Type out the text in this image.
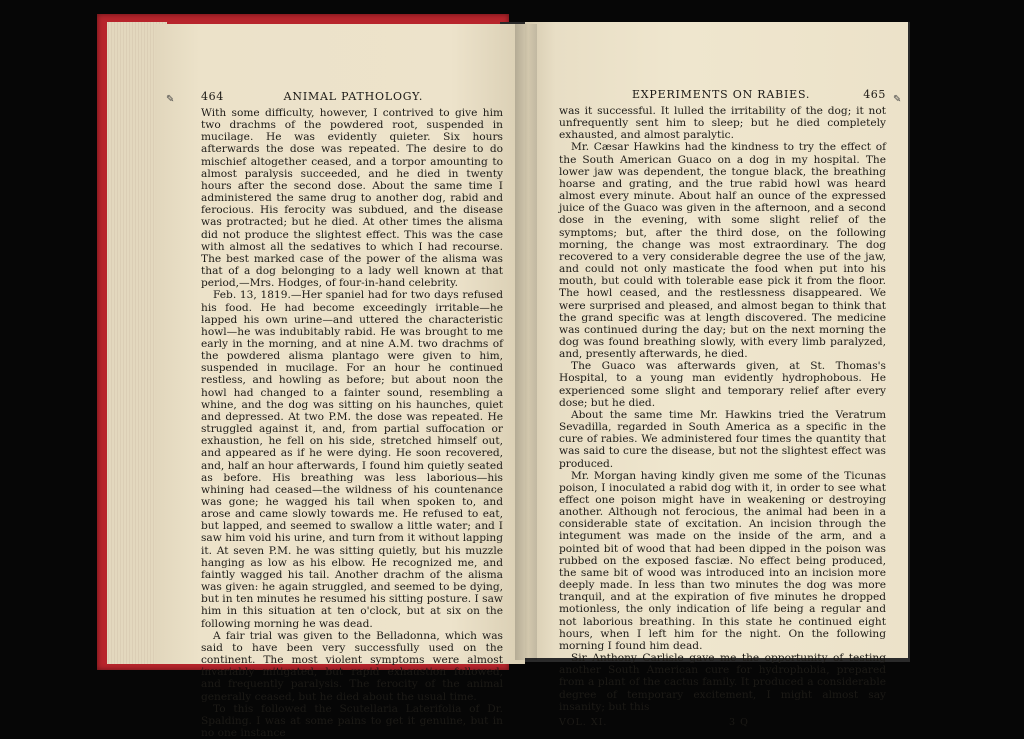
464	ANIMAL PATHOLOGY.

With some difficulty, however, I contrived to give him two drachms of the powdered root, suspended in mucilage. He was evidently quieter. Six hours afterwards the dose was repeated. The desire to do mischief altogether ceased, and a torpor amounting to almost paralysis succeeded, and he died in twenty hours after the second dose. About the same time I administered the same drug to another dog, rabid and ferocious. His ferocity was subdued, and the disease was protracted; but he died. At other times the alisma did not produce the slightest effect. This was the case with almost all the sedatives to which I had recourse. The best marked case of the power of the alisma was that of a dog belonging to a lady well known at that period,—Mrs. Hodges, of four-in-hand celebrity.

Feb. 13, 1819.—Her spaniel had for two days refused his food. He had become exceedingly irritable—he lapped his own urine—and uttered the characteristic howl—he was indubitably rabid. He was brought to me early in the morning, and at nine A.M. two drachms of the powdered alisma plantago were given to him, suspended in mucilage. For an hour he continued restless, and howling as before; but about noon the howl had changed to a fainter sound, resembling a whine, and the dog was sitting on his haunches, quiet and depressed. At two P.M. the dose was repeated. He struggled against it, and, from partial suffocation or exhaustion, he fell on his side, stretched himself out, and appeared as if he were dying. He soon recovered, and, half an hour afterwards, I found him quietly seated as before. His breathing was less laborious—his whining had ceased—the wildness of his countenance was gone; he wagged his tail when spoken to, and arose and came slowly towards me. He refused to eat, but lapped, and seemed to swallow a little water; and I saw him void his urine, and turn from it without lapping it. At seven P.M. he was sitting quietly, but his muzzle hanging as low as his elbow. He recognized me, and faintly wagged his tail. Another drachm of the alisma was given: he again struggled, and seemed to be dying, but in ten minutes he resumed his sitting posture. I saw him in this situation at ten o'clock, but at six on the following morning he was dead.

A fair trial was given to the Belladonna, which was said to have been very successfully used on the continent. The most violent symptoms were almost invariably mitigated, but rapid exhaustion followed, and frequently paralysis. The ferocity of the animal generally ceased, but he died about the usual time.

To this followed the Scutellaria Laterifolia of Dr. Spalding. I was at some pains to get it genuine, but in no one instance

EXPERIMENTS ON RABIES.	465

was it successful. It lulled the irritability of the dog; it not unfrequently sent him to sleep; but he died completely exhausted, and almost paralytic.

Mr. Cæsar Hawkins had the kindness to try the effect of the South American Guaco on a dog in my hospital. The lower jaw was dependent, the tongue black, the breathing hoarse and grating, and the true rabid howl was heard almost every minute. About half an ounce of the expressed juice of the Guaco was given in the afternoon, and a second dose in the evening, with some slight relief of the symptoms; but, after the third dose, on the following morning, the change was most extraordinary. The dog recovered to a very considerable degree the use of the jaw, and could not only masticate the food when put into his mouth, but could with tolerable ease pick it from the floor. The howl ceased, and the restlessness disappeared. We were surprised and pleased, and almost began to think that the grand specific was at length discovered. The medicine was continued during the day; but on the next morning the dog was found breathing slowly, with every limb paralyzed, and, presently afterwards, he died.

The Guaco was afterwards given, at St. Thomas's Hospital, to a young man evidently hydrophobous. He experienced some slight and temporary relief after every dose; but he died.

About the same time Mr. Hawkins tried the Veratrum Sevadilla, regarded in South America as a specific in the cure of rabies. We administered four times the quantity that was said to cure the disease, but not the slightest effect was produced.

Mr. Morgan having kindly given me some of the Ticunas poison, I inoculated a rabid dog with it, in order to see what effect one poison might have in weakening or destroying another. Although not ferocious, the animal had been in a considerable state of excitation. An incision through the integument was made on the inside of the arm, and a pointed bit of wood that had been dipped in the poison was rubbed on the exposed fasciæ. No effect being produced, the same bit of wood was introduced into an incision more deeply made. In less than two minutes the dog was more tranquil, and at the expiration of five minutes he dropped motionless, the only indication of life being a regular and not laborious breathing. In this state he continued eight hours, when I left him for the night. On the following morning I found him dead.

Sir Anthony Carlisle gave me the opportunity of testing another South American cure for hydrophobia, prepared from a plant of the cactus family. It produced a considerable degree of temporary excitement, I might almost say insanity; but this

VOL. XI.	3 Q
✎	✎
